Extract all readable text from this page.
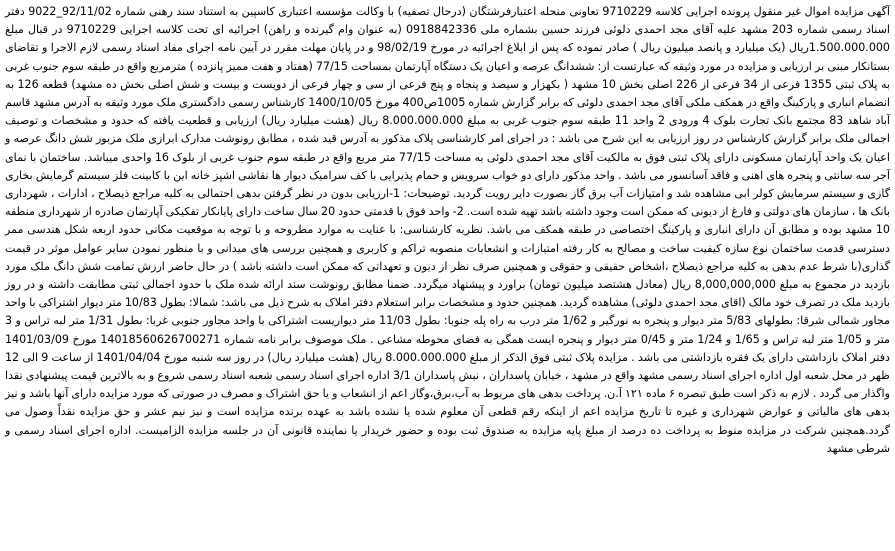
آگهی مزایده اموال غیر منقول پرونده اجرایی کلاسه 9710229 تعاونی منحله اعتبارفرشتگان (درحال تصفیه) با وکالت مؤسسه اعتباری کاسپین به استناد سند رهنی شماره 92/11/02_9022 دفتر اسناد رسمی شماره 203 مشهد علیه آقای مجد احمدی دلوئی فرزند حسین بشماره ملی 0918842336 (به عنوان وام گیرنده و راهن) اجرائیه ای تحت کلاسه اجرایی 9710229 در قبال مبلغ 1.500.000.000ریال (یک میلیارد و پانصد میلیون ریال ) صادر نموده که پس از ابلاغ اجرائیه در مورخ 98/02/19 و در پایان مهلت مقرر در آیین نامه اجرای مفاد اسناد رسمی لازم الاجرا و تقاضای بستانکار مبنی بر ارزیابی و مزایده در مورد وثیقه که عبارتست از: ششدانگ عرصه و اعیان یک دستگاه آپارتمان بمساحت 77/15 (هفتاد و هفت ممیز پانزده ) مترمربع واقع در طبقه سوم جنوب غربی به پلاک ثبتی 1355 فرعی از 34 فرعی از 226 اصلی بخش 10 مشهد ( بکهزار و سیصد و پنجاه و پنج فرعی از سی و چهار فرعی از دویست و بیست و شش اصلی بخش ده مشهد) قطعه 126 به انضمام انباری و پارکینگ واقع در همکف ملکی آقای مجد احمدی دلوئی که برابر گزارش شماره 1005ص400 مورخ 1400/10/05 کارشناس رسمی دادگستری ملک مورد وثیقه به آدرس مشهد قاسم آباد شاهد 83 مجتمع بانک تجارت بلوک 4 ورودی 2 واحد 11 طبقه سوم جنوب غربی به مبلغ 8.000.000.000 ریال (هشت میلیارد ریال) ارزیابی و قطعیت یافته که حدود و مشخصات و توصیف اجمالی ملک برابر گزارش کارشناس در روز ارزیابی به این شرح می باشد : در اجرای امر کارشناسی پلاک مذکور به آدرس قید شده ، مطابق رونوشت مدارک ابرازی ملک مزبور شش دانگ عرصه و اعیان یک واحد آپارتمان مسکونی دارای پلاک ثبتی فوق به مالکیت آقای مجد احمدی دلوئی به مساحت 77/15 متر مربع واقع در طبقه سوم جنوب غربی از بلوک 16 واحدی میباشد. ساختمان با نمای آجر سه سانتی و پنجره های اهنی و فاقد آسانسور می باشد . واحد مذکور دارای دو خواب سرویس و حمام پذیرایی با کف سرامیک دیوار ها نقاشی اشپز خانه این با کابینت فلز سیستم گرمایش بخاری گازی و سیستم سرمایش کولر ابی مشاهده شد و امتیازات آب برق گاز بصورت دایر رویت گردید. توضیحات: 1-ارزیابی بدون در نظر گرفتن بدهی احتمالی به کلیه مراجع ذیصلاح ، ادارات ، شهرداری بانک ها ، سازمان های دولتی و فارغ از دیونی که ممکن است وجود داشته باشد تهیه شده است. 2- واحد فوق با قدمتی حدود 20 سال ساخت دارای پایانکار تفکیکی آپارتمان صادره از شهرداری منطقه 10 مشهد بوده و مطابق آن دارای انباری و پارکینگ اختصاصی در طبقه همکف می باشد. نظریه کارشناسی: با عنایت به موارد مطروحه و با توجه به موقعیت مکانی حدود اربعه شکل هندسی ممر دسترسی قدمت ساختمان نوع سازه کیفیت ساخت و مصالح به کار رفته امتیازات و انشعابات منصوبه تراکم و کاربری و همچنین بررسی های میدانی و با منظور نمودن سایر عوامل موثر در قیمت گذاری(با شرط عدم بدهی به کلیه مراجع ذیصلاح ،اشخاص حقیقی و حقوقی و همچنین صرف نظر از دیون و تعهداتی که ممکن است داشته باشد ) در حال حاضر ارزش تمامت شش دانگ ملک مورد بازدید در مجموع به مبلغ 8,000,000,000 ریال (معادل هشتصد میلیون تومان) براورد و پیشنهاد میگردد. ضمنا مطابق رونوشت سند ارائه شده ملک با حدود اجمالی ثبتی مطابقت داشته و در روز بازدید ملک در تصرف خود مالک (اقای مجد احمدی دلوئی) مشاهده گردید. همچنین حدود و مشخصات برابر استعلام دفتر املاک به شرح ذیل می باشد: شمالا: بطول 10/83 متر دیوار اشتراکی با واحد مجاور شمالی شرقا: بطولهای 5/83 متر دیوار و پنجره به نورگیر و 1/62 متر درب به راه پله جنوبا: بطول 11/03 متر دیواریست اشتراکی با واحد مجاور جنوبی غربا: بطول 1/31 متر لبه تراس و 3 متر و 1/05 متر لبه تراس و 1/65 و 1/24 متر و 0/45 متر دیوار و پنجره ایست همگی به فضای محوطه مشاعی . ملک موصوف برابر نامه شماره 14018560626700271 مورخ 1401/03/09 دفتر املاک بازداشتی دارای یک فقره بازداشتی می باشد . مزایده پلاک ثبتی فوق الذکر از مبلغ 8.000.000.000 ریال (هشت میلیارد ریال) در روز سه شنبه مورخ 1401/04/04 از ساعت 9 الی 12 ظهر در محل شعبه اول اداره اجرای اسناد رسمی مشهد واقع در مشهد ، خیابان پاسداران ، نبش پاسداران 3/1 اداره اجرای اسناد رسمی شعبه اسناد رسمی شروع و به بالاترین قیمت پیشنهادی نقدا واگذار می گردد . لازم به ذکر است طبق تبصره ۶ ماده ۱۲۱ آ.ن. پرداخت بدهی های مربوط به آب،برق،وگاز اعم از انشعاب و یا حق اشتراک و مصرف در صورتی که مورد مزایده دارای آنها باشد و نیز بدهی های مالیاتی و عوارض شهرداری و غیره تا تاریخ مزایده اعم از اینکه رقم قطعی آن معلوم شده یا نشده باشد به عهده برنده مزایده است و نیز نیم عشر و حق مزایده نقداً وصول می گردد.همچنین شرکت در مزایده منوط به پرداخت ده درصد از مبلغ پایه مزایده به صندوق ثبت بوده و حضور خریدار یا نماینده قانونی آن در جلسه مزایده الزامیست. اداره اجرای اسناد رسمی و شرطی مشهد
